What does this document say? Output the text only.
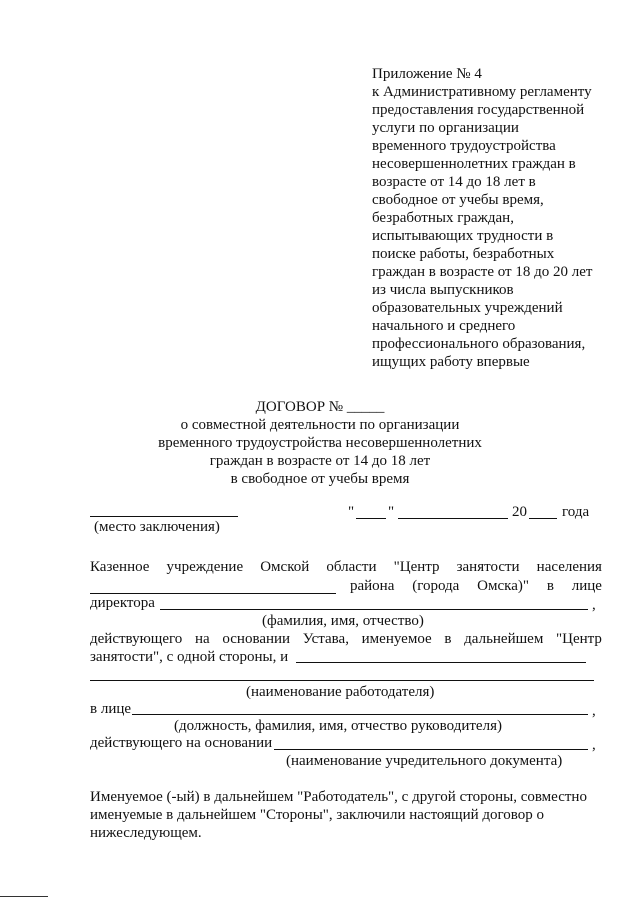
Приложение № 4
к Административному регламенту
предоставления государственной
услуги по организации
временного трудоустройства
несовершеннолетних граждан в
возрасте от 14 до 18 лет в
свободное от учебы время,
безработных граждан,
испытывающих трудности в
поиске работы, безработных
граждан в возрасте от 18 до 20 лет
из числа выпускников
образовательных учреждений
начального и среднего
профессионального образования,
ищущих работу впервые
ДОГОВОР № _____
о совместной деятельности по организации
временного трудоустройства несовершеннолетних
граждан в возрасте от 14 до 18 лет
в свободное от учебы время
(место заключения)
" "	20 года
Казенное учреждение Омской области "Центр занятости населения
района (города Омска)" в лице
директора	,
(фамилия, имя, отчество)
действующего на основании Устава, именуемое в дальнейшем "Центр
занятости", с одной стороны, и
(наименование работодателя)
в лице	,
(должность, фамилия, имя, отчество руководителя)
действующего на основании	,
(наименование учредительного документа)
Именуемое (-ый) в дальнейшем "Работодатель", с другой стороны, совместно
именуемые в дальнейшем "Стороны", заключили настоящий договор о
нижеследующем.
